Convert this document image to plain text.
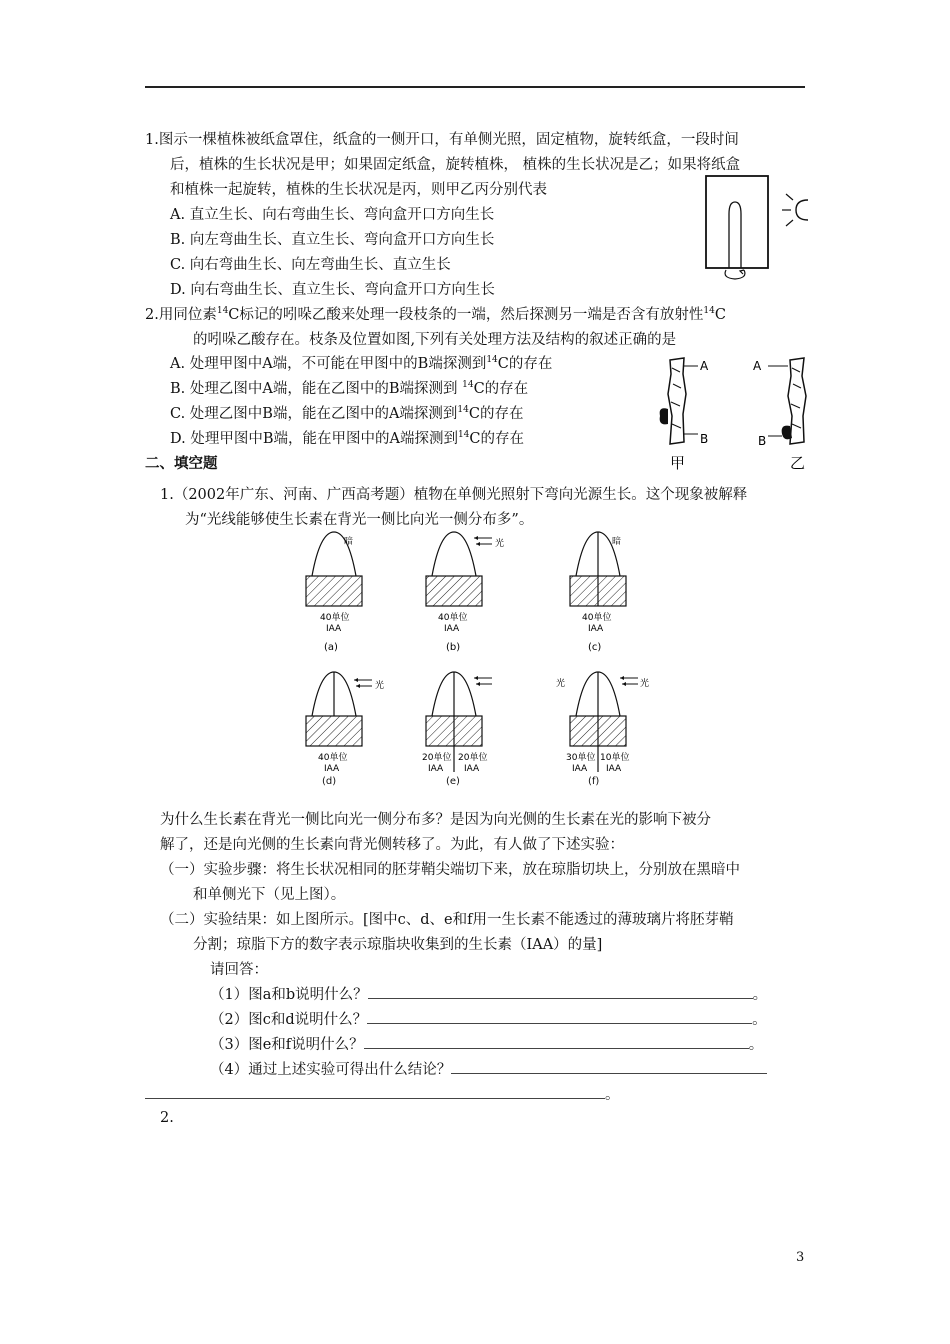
1.图示一棵植株被纸盒罩住，纸盒的一侧开口，有单侧光照，固定植物，旋转纸盒，一段时间
后，植株的生长状况是甲；如果固定纸盒，旋转植株， 植株的生长状况是乙；如果将纸盒
和植株一起旋转，植株的生长状况是丙，则甲乙丙分别代表
A. 直立生长、向右弯曲生长、弯向盒开口方向生长
B. 向左弯曲生长、直立生长、弯向盒开口方向生长
C. 向右弯曲生长、向左弯曲生长、直立生长
D. 向右弯曲生长、直立生长、弯向盒开口方向生长
2.用同位素$^{14}$C标记的吲哚乙酸来处理一段枝条的一端，然后探测另一端是否含有放射性$^{14}$C
的吲哚乙酸存在。枝条及位置如图,下列有关处理方法及结构的叙述正确的是
A. 处理甲图中A端，不可能在甲图中的B端探测到$^{14}$C的存在
B. 处理乙图中A端，能在乙图中的B端探测到 $^{14}$C的存在
C. 处理乙图中B端，能在乙图中的A端探测到$^{14}$C的存在
D. 处理甲图中B端，能在甲图中的A端探测到$^{14}$C的存在
A
B
甲
A
B
乙
二、填空题
1.（2002年广东、河南、广西高考题）植物在单侧光照射下弯向光源生长。这个现象被解释
为“光线能够使生长素在背光一侧比向光一侧分布多”。
暗
40单位
IAA
(a)
光
40单位
IAA
(b)
暗
40单位
IAA
(c)
光
40单位
IAA
20单位
IAA
20单位
IAA
光
光
30单位
IAA
10单位
IAA
(d)	(e)	(f)
为什么生长素在背光一侧比向光一侧分布多？是因为向光侧的生长素在光的影响下被分
解了，还是向光侧的生长素向背光侧转移了。为此，有人做了下述实验：
（一）实验步骤：将生长状况相同的胚芽鞘尖端切下来，放在琼脂切块上，分别放在黑暗中
和单侧光下（见上图）。
（二）实验结果：如上图所示。[图中c、d、e和f用一生长素不能透过的薄玻璃片将胚芽鞘
分割；琼脂下方的数字表示琼脂块收集到的生长素（IAA）的量]
请回答：
（1）图a和b说明什么？	。
（2）图c和d说明什么？	。
（3）图e和f说明什么？	。
（4）通过上述实验可得出什么结论？
。
2.
3
